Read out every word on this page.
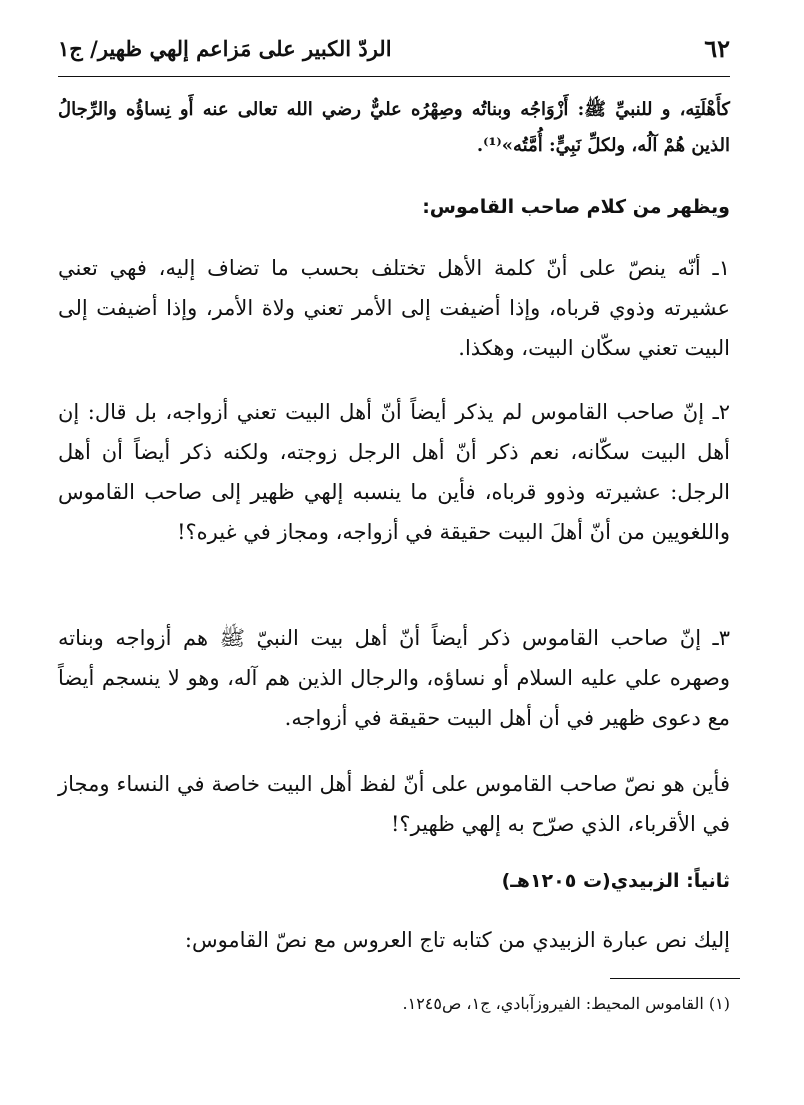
٦٢
الردّ الكبير على مَزاعم إلهي ظهير/ ج١
كأَهْلَتِه، و للنبيِّ ﷺ: أَزْوَاجُه وبناتُه وصِهْرُه عليٌّ رضي الله تعالى عنه أَو نِساؤُه والرِّجالُ الذين هُمْ آلُه، ولكلِّ نَبِيٍّ: أُمَّتُه»⁽¹⁾.
ويظهر من كلام صاحب القاموس:
١ـ أنّه ينصّ على أنّ كلمة الأهل تختلف بحسب ما تضاف إليه، فهي تعني عشيرته وذوي قرباه، وإذا أضيفت إلى الأمر تعني ولاة الأمر، وإذا أضيفت إلى البيت تعني سكّان البيت، وهكذا.
٢ـ إنّ صاحب القاموس لم يذكر أيضاً أنّ أهل البيت تعني أزواجه، بل قال: إن أهل البيت سكّانه، نعم ذكر أنّ أهل الرجل زوجته، ولكنه ذكر أيضاً أن أهل الرجل: عشيرته وذوو قرباه، فأين ما ينسبه إلهي ظهير إلى صاحب القاموس واللغويين من أنّ أهلَ البيت حقيقة في أزواجه، ومجاز في غيره؟!
٣ـ إنّ صاحب القاموس ذكر أيضاً أنّ أهل بيت النبيّ ﷺ هم أزواجه وبناته وصهره علي عليه السلام أو نساؤه، والرجال الذين هم آله، وهو لا ينسجم أيضاً مع دعوى ظهير في أن أهل البيت حقيقة في أزواجه.
فأين هو نصّ صاحب القاموس على أنّ لفظ أهل البيت خاصة في النساء ومجاز في الأقرباء، الذي صرّح به إلهي ظهير؟!
ثانياً: الزبيدي(ت ١٢٠٥هـ)
إليك نص عبارة الزبيدي من كتابه تاج العروس مع نصّ القاموس:
(١) القاموس المحيط: الفيروزآبادي، ج١، ص١٢٤٥.
